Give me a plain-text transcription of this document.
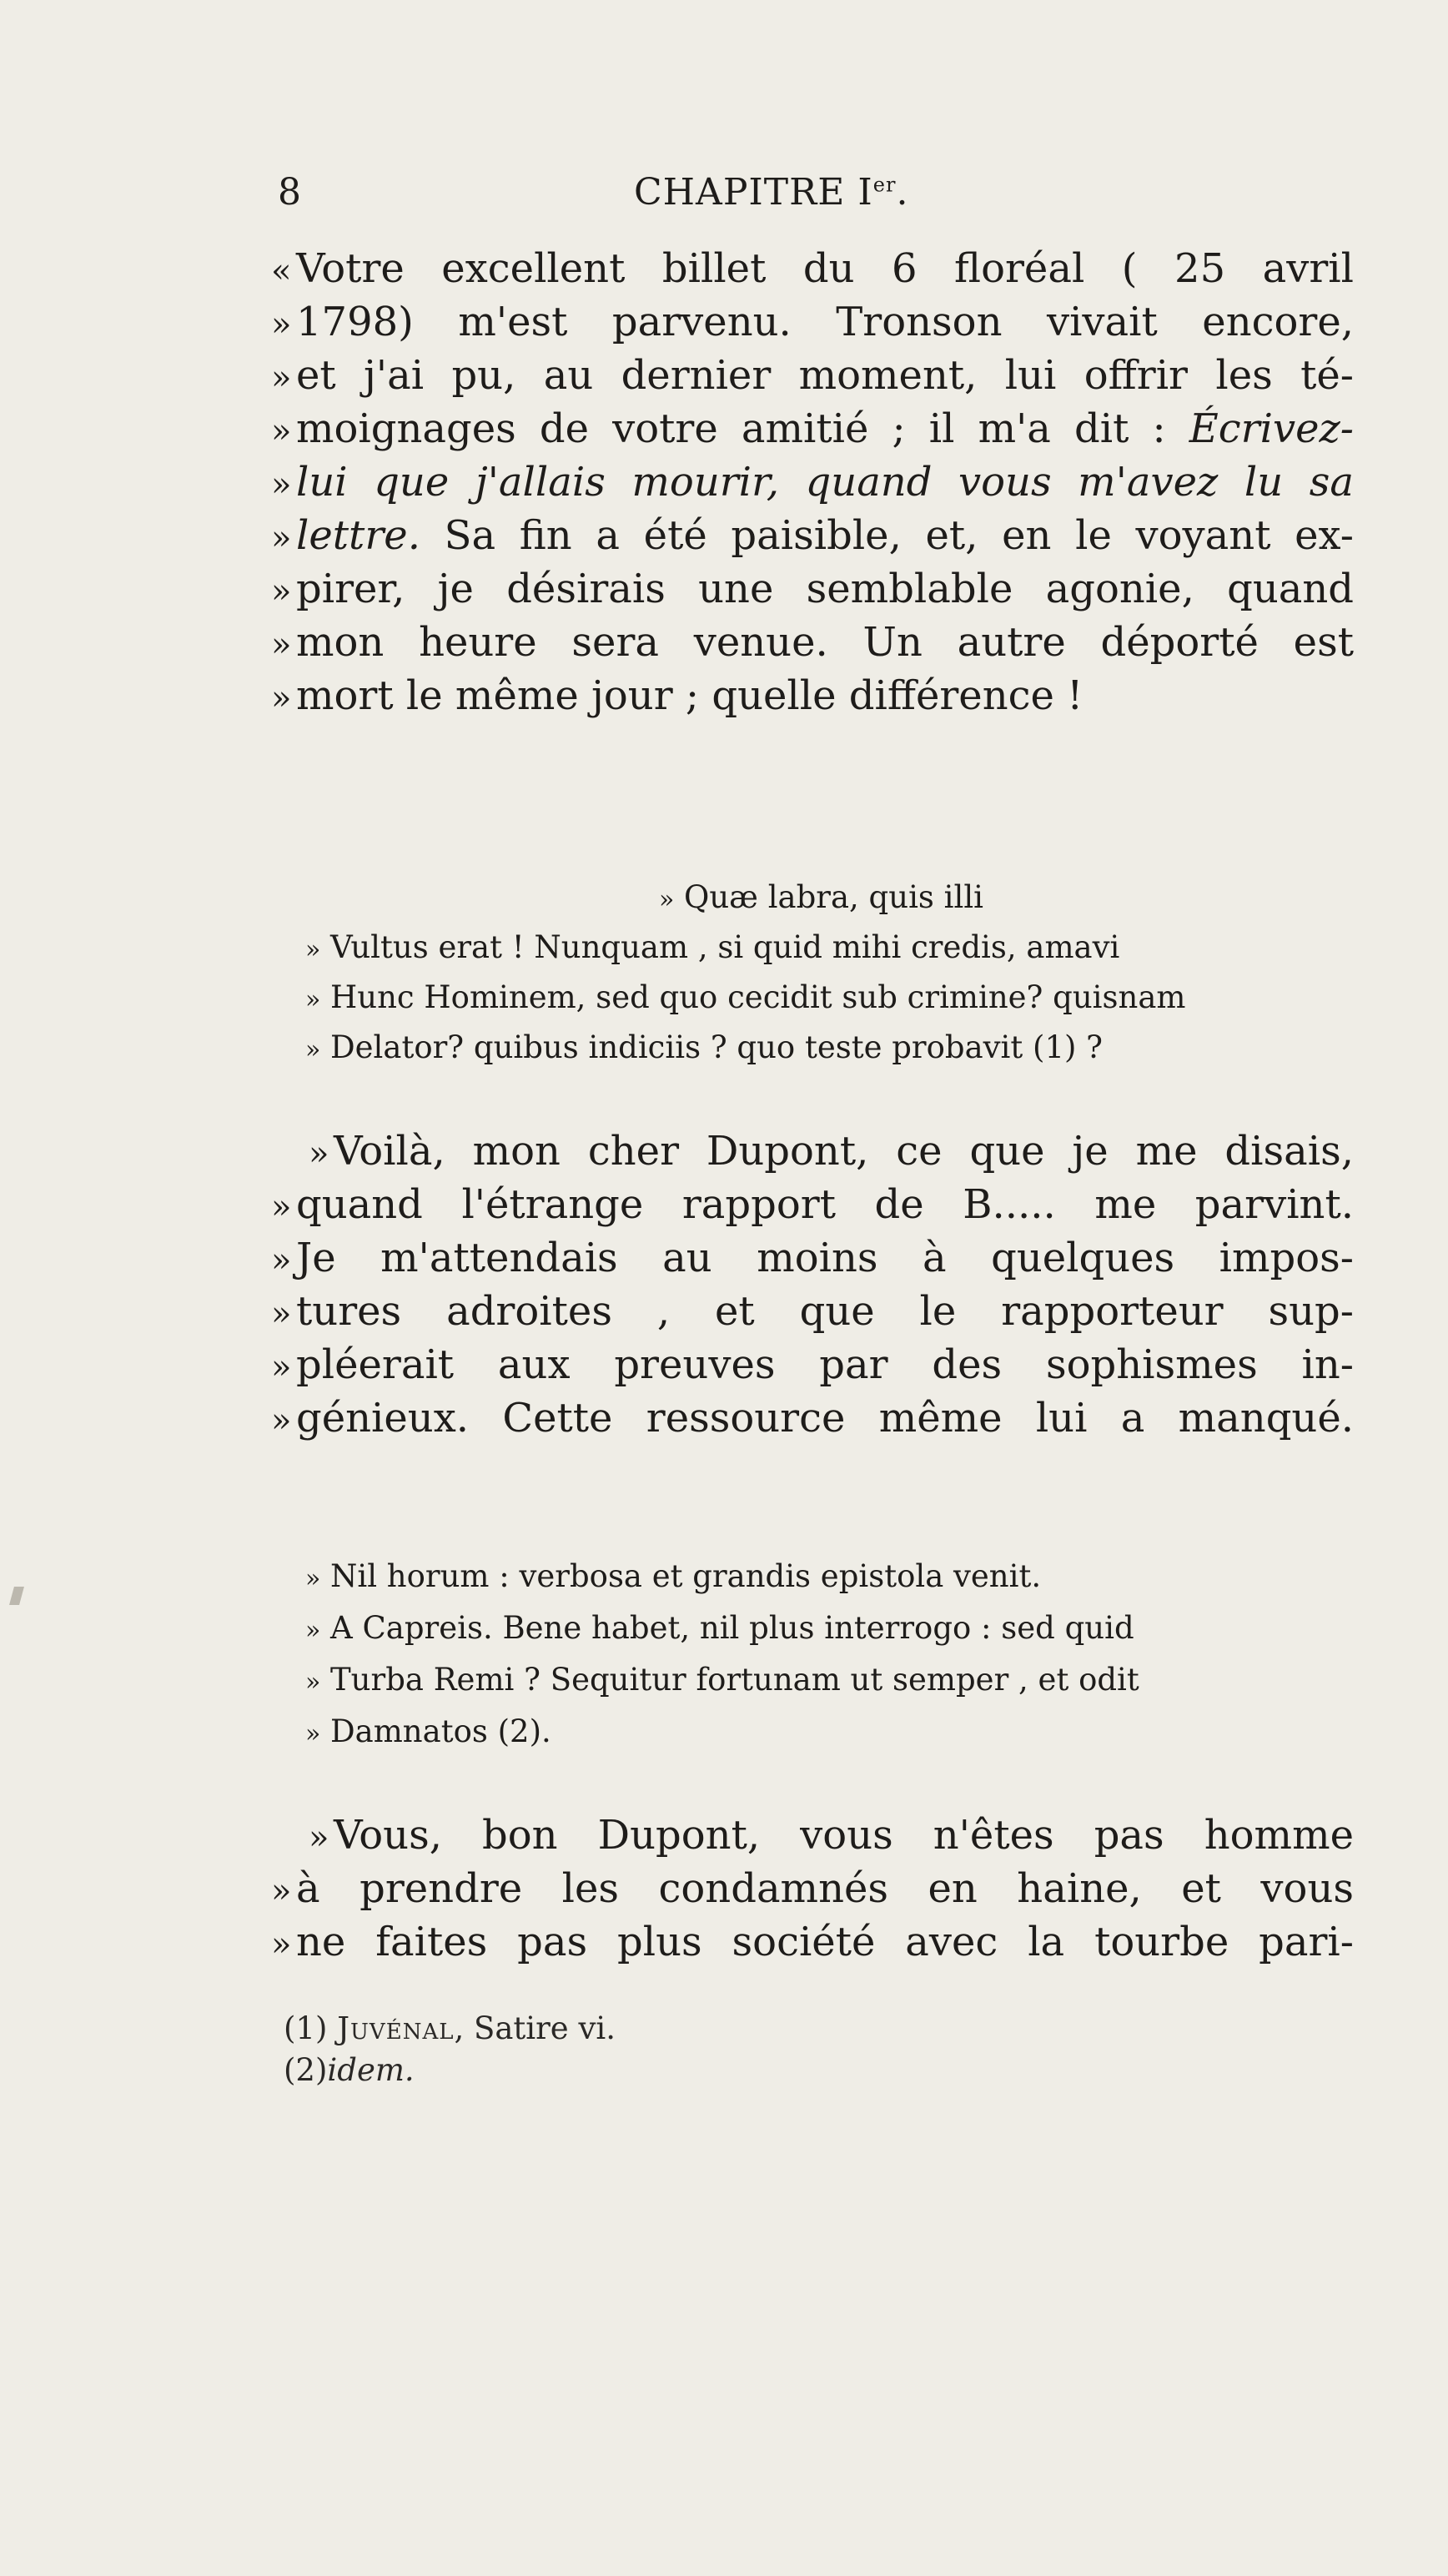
8	CHAPITRE Ier.
« Votre excellent billet du 6 floréal ( 25 avril
» 1798) m'est parvenu. Tronson vivait encore,
» et j'ai pu, au dernier moment, lui offrir les té-
» moignages de votre amitié ; il m'a dit : Écrivez-
» lui que j'allais mourir, quand vous m'avez lu sa
» lettre. Sa fin a été paisible, et, en le voyant ex-
» pirer, je désirais une semblable agonie, quand
» mon heure sera venue. Un autre déporté est
» mort le même jour ; quelle différence !
» Quæ labra, quis illi
» Vultus erat ! Nunquam , si quid mihi credis, amavi
» Hunc Hominem, sed quo cecidit sub crimine? quisnam
» Delator? quibus indiciis ? quo teste probavit (1) ?
» Voilà, mon cher Dupont, ce que je me disais,
» quand l'étrange rapport de B..... me parvint.
» Je m'attendais au moins à quelques impos-
» tures adroites , et que le rapporteur sup-
» pléerait aux preuves par des sophismes in-
» génieux. Cette ressource même lui a manqué.
» Nil horum : verbosa et grandis epistola venit.
» A Capreis. Bene habet, nil plus interrogo : sed quid
» Turba Remi ? Sequitur fortunam ut semper , et odit
» Damnatos (2).
» Vous, bon Dupont, vous n'êtes pas homme
» à prendre les condamnés en haine, et vous
» ne faites pas plus société avec la tourbe pari-
(1) Juvénal, Satire vi.
(2)idem.
